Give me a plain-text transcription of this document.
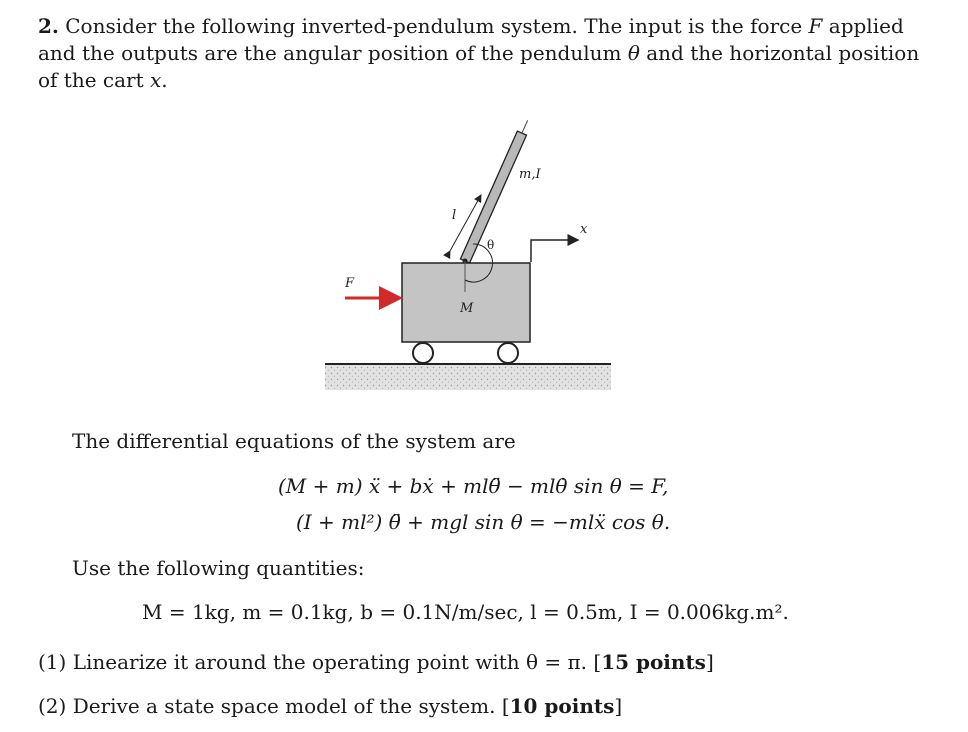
2. Consider the following inverted-pendulum system. The input is the force F applied
and the outputs are the angular position of the pendulum θ and the horizontal position
of the cart x.
F
M
m,I
l
θ
x
The differential equations of the system are
(M + m) ẍ + bẋ + mlθ̈ − mlθ̇ sin θ = F,
(I + ml²) θ̈ + mgl sin θ = −mlẍ cos θ.
Use the following quantities:
M = 1kg, m = 0.1kg, b = 0.1N/m/sec, l = 0.5m, I = 0.006kg.m².
(1) Linearize it around the operating point with θ = π. [15 points]
(2) Derive a state space model of the system. [10 points]
